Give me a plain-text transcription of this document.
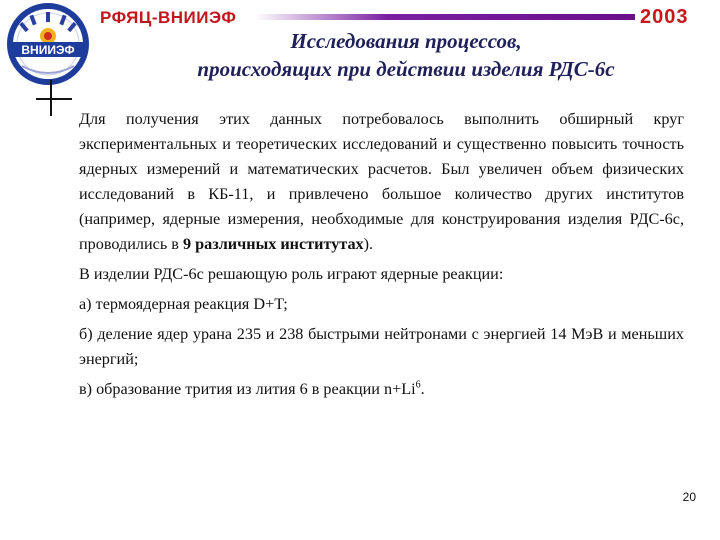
ВНИИЭФ
РФЯЦ-ВНИИЭФ	2003
Исследования процессов,
происходящих при действии изделия РДС-6с

Для получения этих данных потребовалось выполнить обширный круг экспериментальных и теоретических исследований и существенно повысить точность ядерных измерений и математических расчетов. Был увеличен объем физических исследований в КБ-11, и привлечено большое количество других институтов (например, ядерные измерения, необходимые для конструирования изделия РДС-6с, проводились в 9 различных институтах).

В изделии РДС-6с решающую роль играют ядерные реакции:

а) термоядерная реакция D+T;

б) деление ядер урана 235 и 238 быстрыми нейтронами с энергией 14 МэВ и меньших энергий;

в) образование трития из лития 6 в реакции $n+Li^6$.

20
